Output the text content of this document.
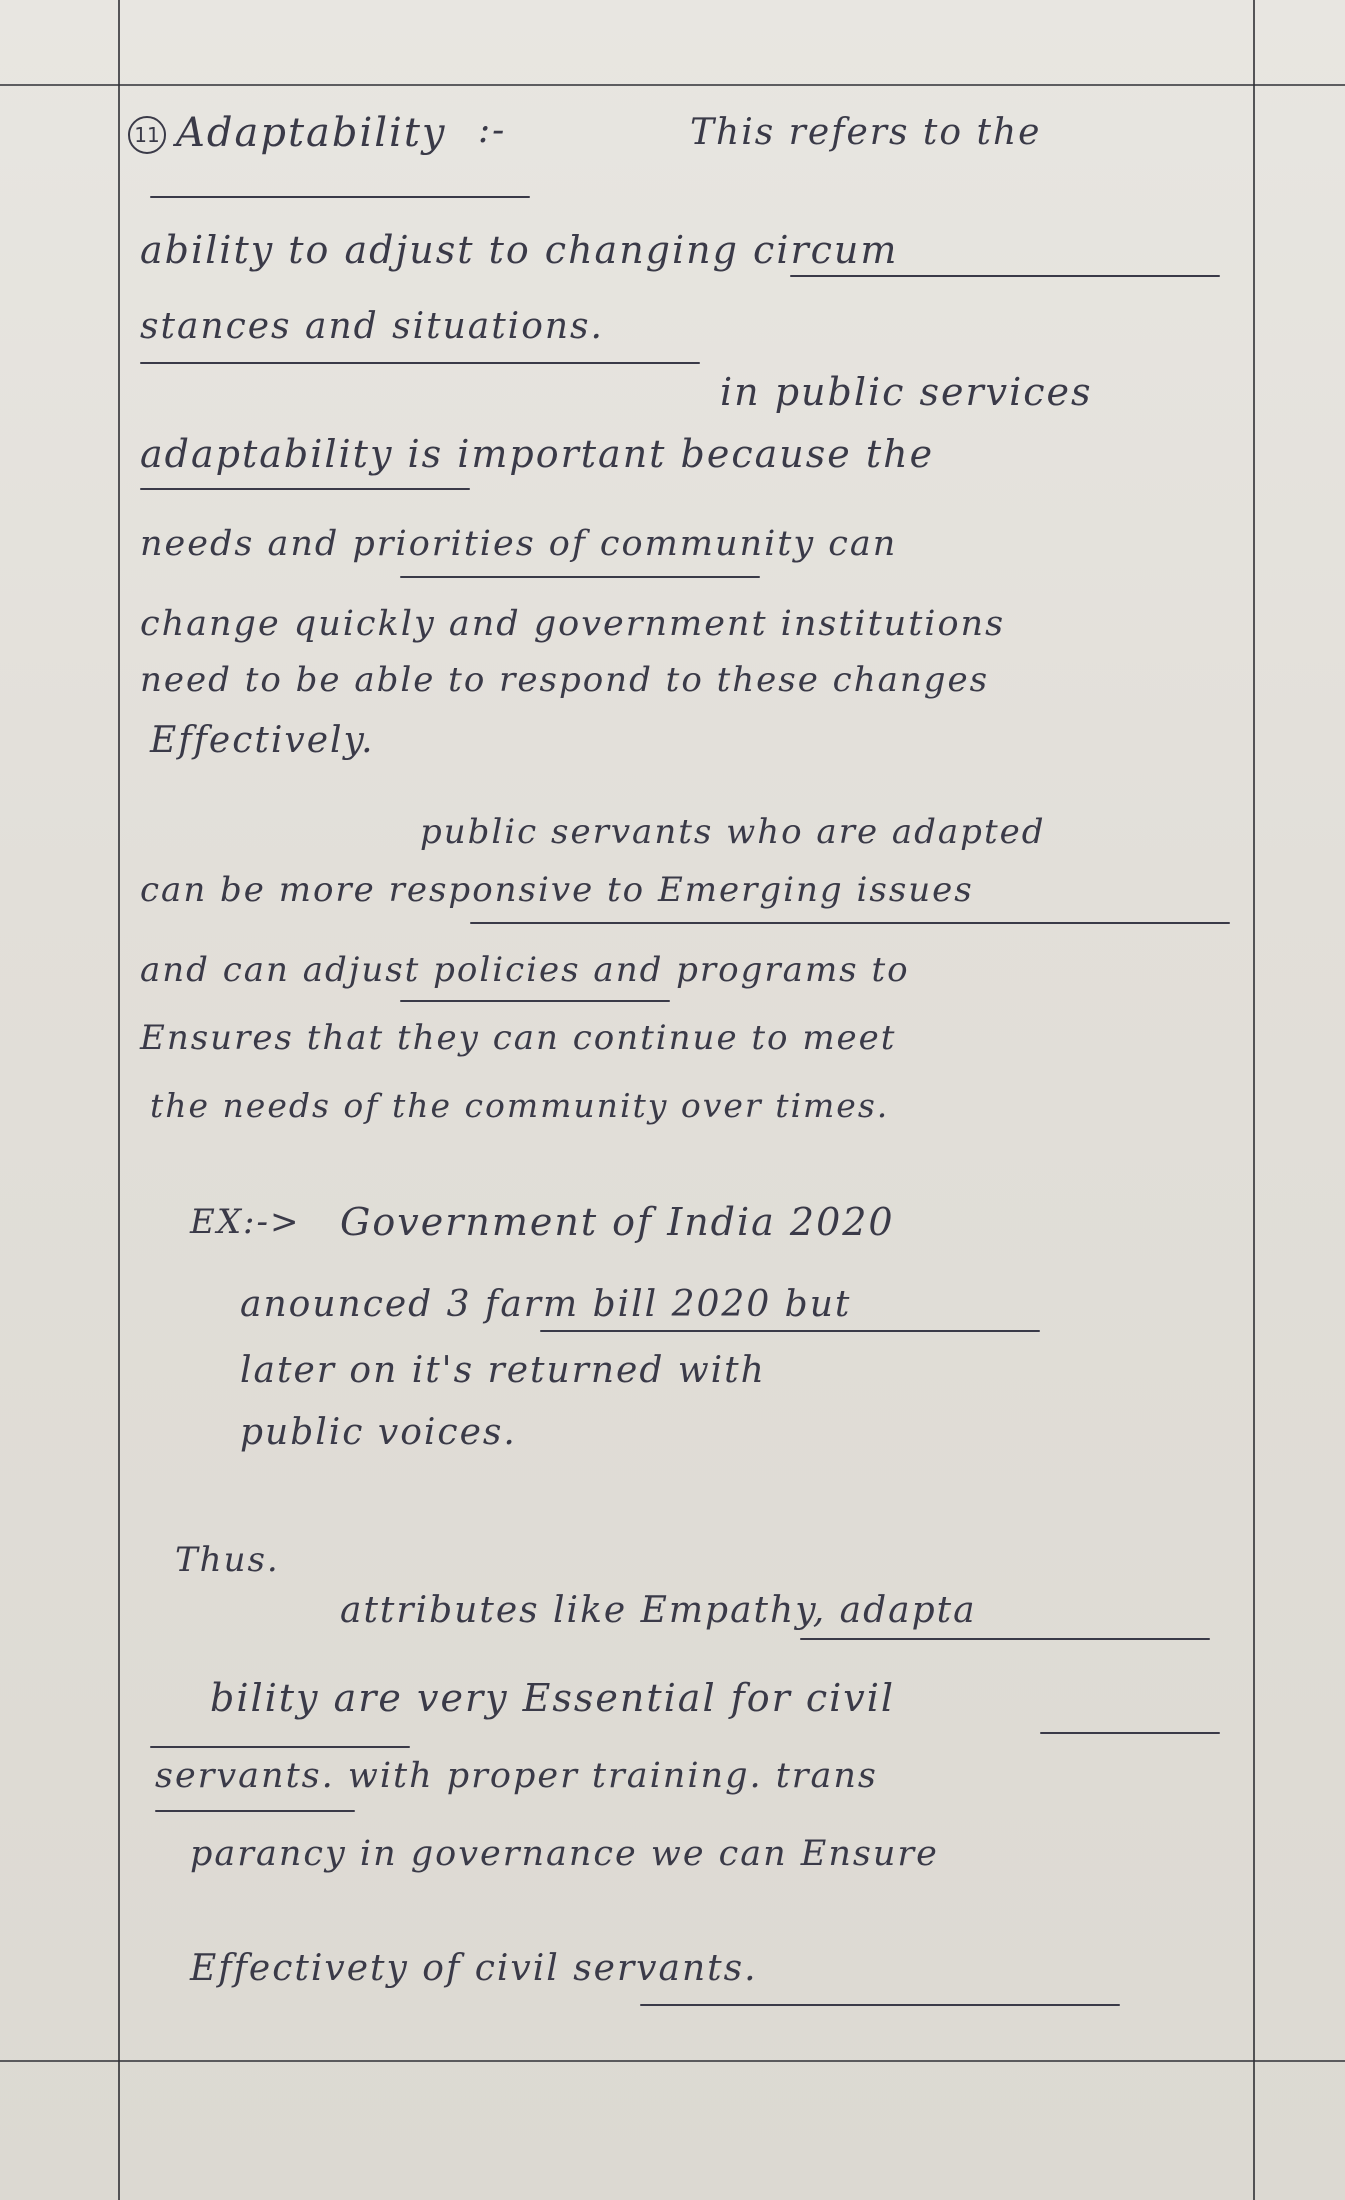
11 Adaptability :-	This refers to the
ability to adjust to changing circum
stances and situations.
in public services
adaptability is important because the
needs and priorities of community can
change quickly and government institutions
need to be able to respond to these changes
Effectively.
public servants who are adapted
can be more responsive to Emerging issues
and can adjust policies and programs to
Ensures that they can continue to meet
the needs of the community over times.
EX:-> Government of India 2020
anounced 3 farm bill 2020 but
later on it's returned with
public voices.
Thus.
attributes like Empathy, adapta
bility are very Essential for civil
servants. with proper training. trans
parancy in governance we can Ensure
Effectivety of civil servants.
